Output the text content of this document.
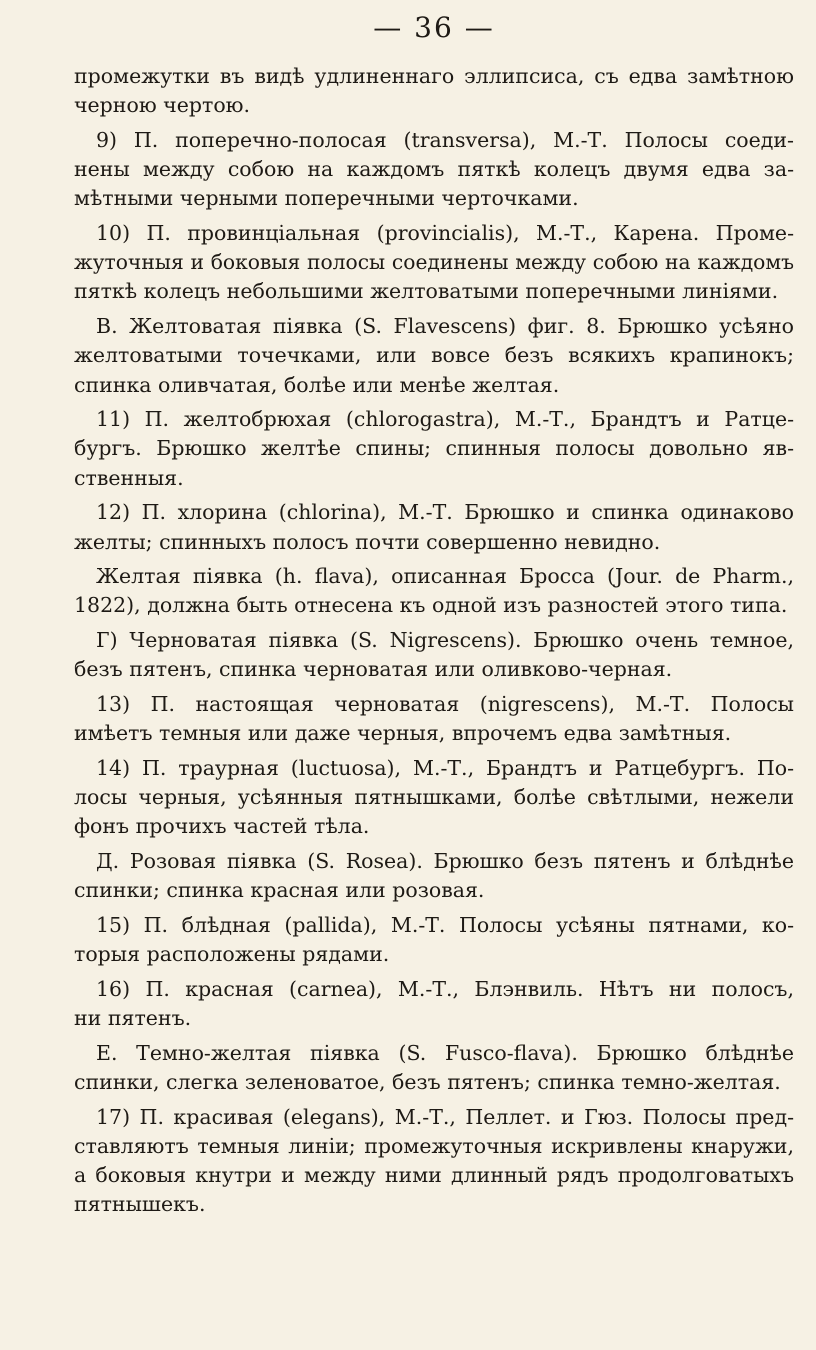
— 36 —
промежутки въ видѣ удлиненнаго эллипсиса, съ едва замѣтною
черною чертою.
9) П. поперечно-полосая (transversa), М.-Т. Полосы соеди-
нены между собою на каждомъ пяткѣ колецъ двумя едва за-
мѣтными черными поперечными черточками.
10) П. провинціальная (provincialis), М.-Т., Карена. Проме-
жуточныя и боковыя полосы соединены между собою на каждомъ
пяткѣ колецъ небольшими желтоватыми поперечными линіями.
В. Желтоватая піявка (S. Flavescens) фиг. 8. Брюшко усѣяно
желтоватыми точечками, или вовсе безъ всякихъ крапинокъ;
спинка оливчатая, болѣе или менѣе желтая.
11) П. желтобрюхая (chlorogastra), М.-Т., Брандтъ и Ратце-
бургъ. Брюшко желтѣе спины; спинныя полосы довольно яв-
ственныя.
12) П. хлорина (chlorina), М.-Т. Брюшко и спинка одинаково
желты; спинныхъ полосъ почти совершенно невидно.
Желтая піявка (h. flava), описанная Броссa (Jour. de Pharm.,
1822), должна быть отнесена къ одной изъ разностей этого типа.
Г) Черноватая піявка (S. Nigrescens). Брюшко очень темное,
безъ пятенъ, спинка черноватая или оливково-черная.
13) П. настоящая черноватая (nigrescens), М.-Т. Полосы
имѣетъ темныя или даже черныя, впрочемъ едва замѣтныя.
14) П. траурная (luctuosa), М.-Т., Брандтъ и Ратцебургъ. По-
лосы черныя, усѣянныя пятнышками, болѣе свѣтлыми, нежели
фонъ прочихъ частей тѣла.
Д. Розовая піявка (S. Rosea). Брюшко безъ пятенъ и блѣднѣе
спинки; спинка красная или розовая.
15) П. блѣдная (pallida), М.-Т. Полосы усѣяны пятнами, ко-
торыя расположены рядами.
16) П. красная (carnea), М.-Т., Блэнвиль. Нѣтъ ни полосъ,
ни пятенъ.
Е. Темно-желтая піявка (S. Fusco-flava). Брюшко блѣднѣе
спинки, слегка зеленоватое, безъ пятенъ; спинка темно-желтая.
17) П. красивая (elegans), М.-Т., Пеллет. и Гюз. Полосы пред-
ставляютъ темныя линіи; промежуточныя искривлены кнаружи,
а боковыя кнутри и между ними длинный рядъ продолговатыхъ
пятнышекъ.
